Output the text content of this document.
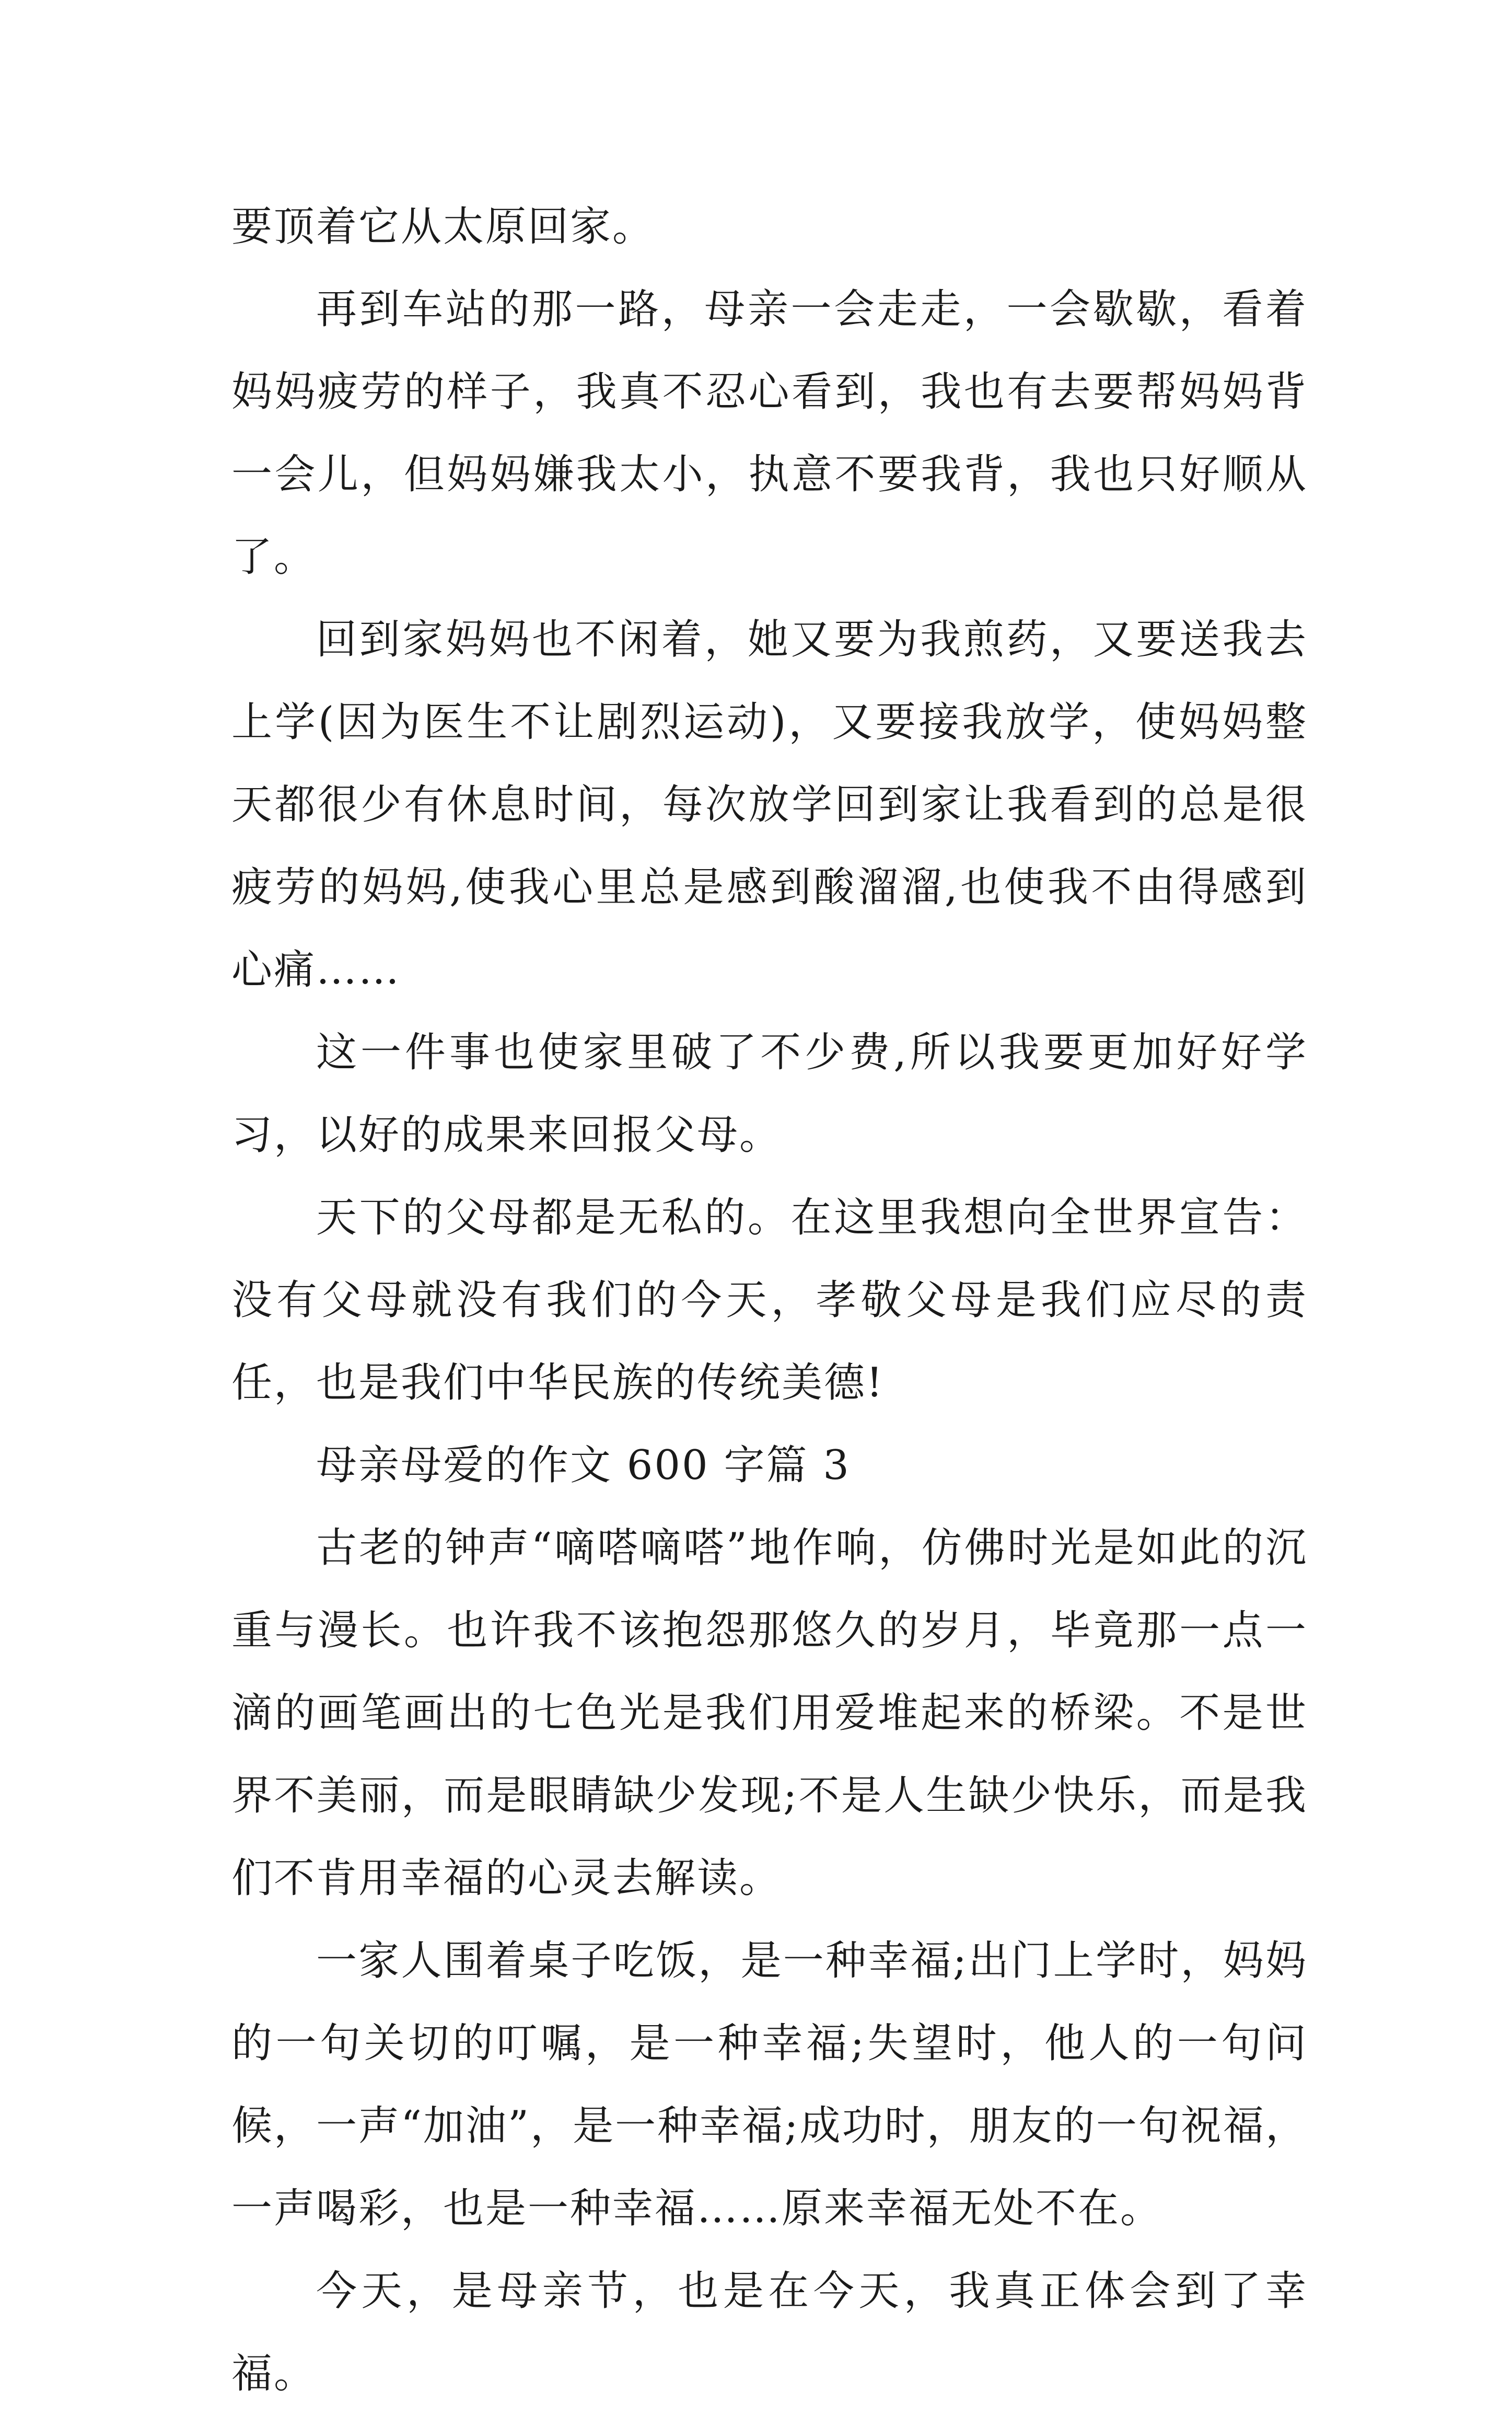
要顶着它从太原回家。

再到车站的那一路，母亲一会走走，一会歇歇，看着妈妈疲劳的样子，我真不忍心看到，我也有去要帮妈妈背一会儿，但妈妈嫌我太小，执意不要我背，我也只好顺从了。

回到家妈妈也不闲着，她又要为我煎药，又要送我去上学(因为医生不让剧烈运动)，又要接我放学，使妈妈整天都很少有休息时间，每次放学回到家让我看到的总是很疲劳的妈妈,使我心里总是感到酸溜溜,也使我不由得感到心痛……

这一件事也使家里破了不少费,所以我要更加好好学习，以好的成果来回报父母。

天下的父母都是无私的。在这里我想向全世界宣告：没有父母就没有我们的今天，孝敬父母是我们应尽的责任，也是我们中华民族的传统美德!

母亲母爱的作文 600 字篇 3

古老的钟声“嘀嗒嘀嗒”地作响，仿佛时光是如此的沉重与漫长。也许我不该抱怨那悠久的岁月，毕竟那一点一滴的画笔画出的七色光是我们用爱堆起来的桥梁。不是世界不美丽，而是眼睛缺少发现;不是人生缺少快乐，而是我们不肯用幸福的心灵去解读。

一家人围着桌子吃饭，是一种幸福;出门上学时，妈妈的一句关切的叮嘱，是一种幸福;失望时，他人的一句问候，一声“加油”，是一种幸福;成功时，朋友的一句祝福，一声喝彩，也是一种幸福……原来幸福无处不在。

今天，是母亲节，也是在今天，我真正体会到了幸福。
